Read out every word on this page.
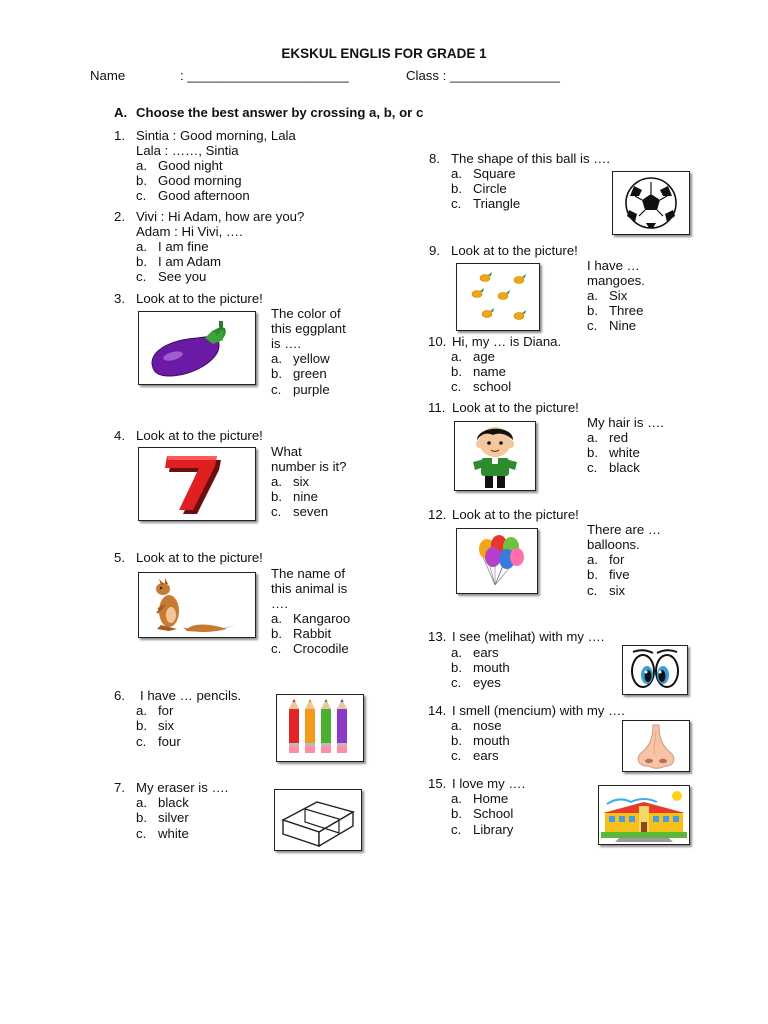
EKSKUL ENGLIS FOR GRADE 1
Name	: ______________________	Class : _______________
A. Choose the best answer by crossing a, b, or c
1. Sintia : Good morning, Lala
Lala : ……, Sintia
a. Good night
b. Good morning
c. Good afternoon
2. Vivi : Hi Adam, how are you?
Adam : Hi Vivi, ….
a. I am fine
b. I am Adam
c. See you
3. Look at to the picture!
The color of
this eggplant
is ….
a. yellow
b. green
c. purple
4. Look at to the picture!
What
number is it?
a. six
b. nine
c. seven
5. Look at to the picture!
The name of
this animal is
….
a. Kangaroo
b. Rabbit
c. Crocodile
6. I have … pencils.
a. for
b. six
c. four
7. My eraser is ….
a. black
b. silver
c. white
8. The shape of this ball is ….
a. Square
b. Circle
c. Triangle
9. Look at to the picture!
I have …
mangoes.
a. Six
b. Three
c. Nine
10. Hi, my … is Diana.
a. age
b. name
c. school
11. Look at to the picture!
My hair is ….
a. red
b. white
c. black
12. Look at to the picture!
There are …
balloons.
a. for
b. five
c. six
13. I see (melihat) with my ….
a. ears
b. mouth
c. eyes
14. I smell (mencium) with my ….
a. nose
b. mouth
c. ears
15. I love my ….
a. Home
b. School
c. Library
